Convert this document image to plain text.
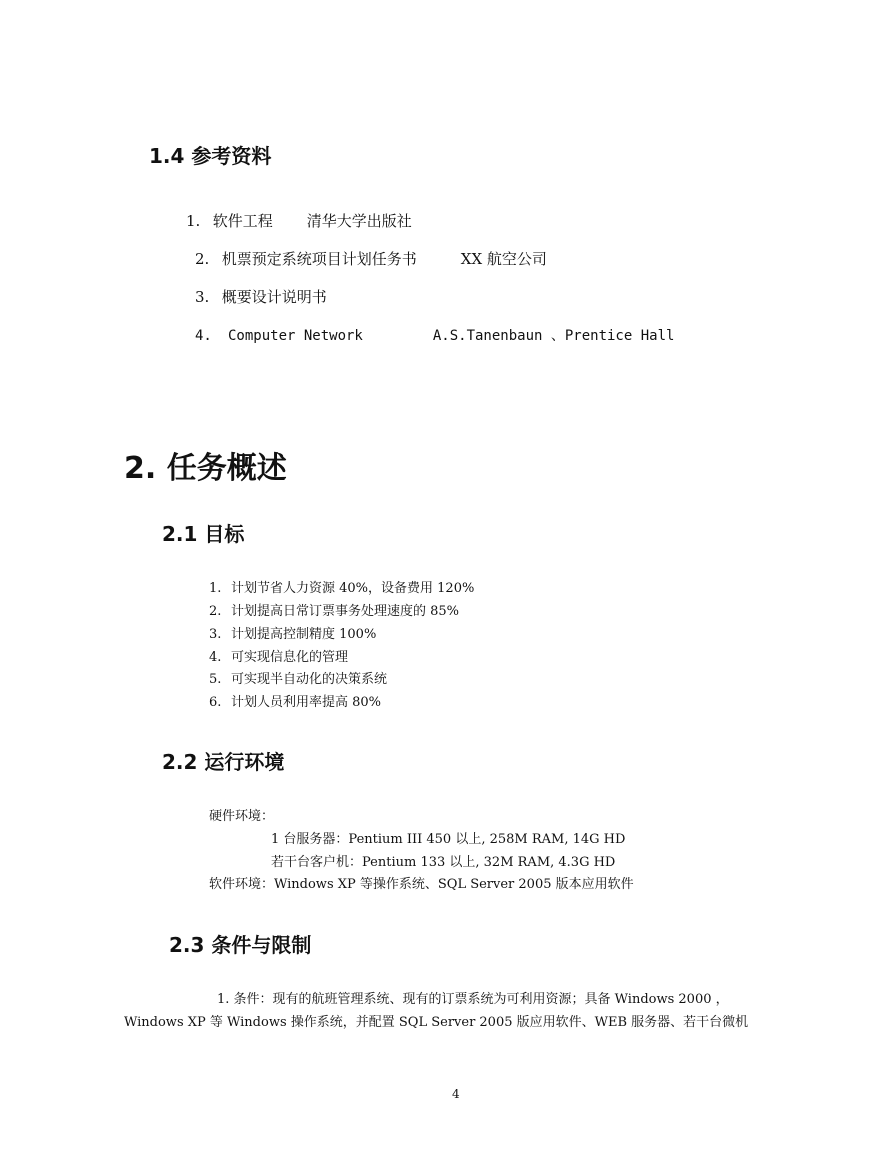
1.4 参考资料
1. 软件工程 清华大学出版社
2. 机票预定系统项目计划任务书	XX 航空公司
3. 概要设计说明书
4. Computer Network	A.S.Tanenbaun 、Prentice Hall
2. 任务概述
2.1 目标
1. 计划节省人力资源 40%，设备费用 120%
2. 计划提高日常订票事务处理速度的 85%
3. 计划提高控制精度 100%
4. 可实现信息化的管理
5. 可实现半自动化的决策系统
6. 计划人员利用率提高 80%
2.2 运行环境
硬件环境：
1 台服务器：Pentium III 450 以上, 258M RAM, 14G HD
若干台客户机：Pentium 133 以上, 32M RAM, 4.3G HD
软件环境：Windows XP 等操作系统、SQL Server 2005 版本应用软件
2.3 条件与限制
1. 条件：现有的航班管理系统、现有的订票系统为可利用资源；具备 Windows 2000 ，
Windows XP 等 Windows 操作系统，并配置 SQL Server 2005 版应用软件、WEB 服务器、若干台微机
4
